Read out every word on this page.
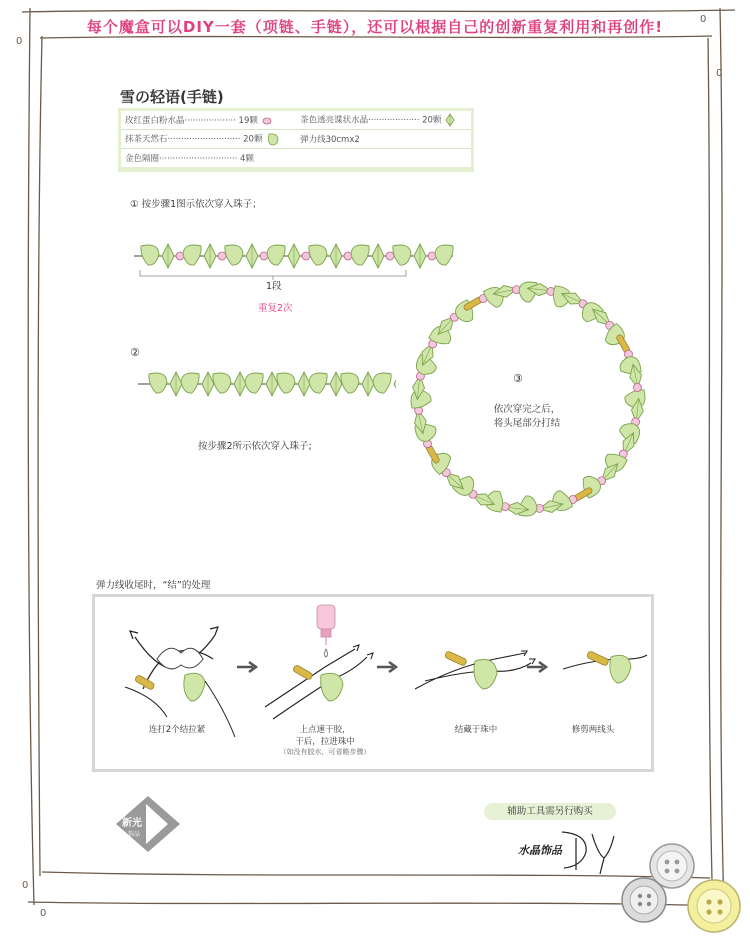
0
0
0
0
0
每个魔盒可以DIY一套（项链、手链），还可以根据自己的创新重复利用和再创作!
雪の轻语(手链)
玫红蛋白粉水晶··················· 19颗	茶色透亮谍状水晶··················· 20颗
抹茶天然石··························· 20颗	弹力线30cmx2
金色隔圈····························· 4颗	
① 按步骤1图示依次穿入珠子；
1段
重复2次
②
按步骤2所示依次穿入珠子;
③
依次穿完之后，
将头尾部分打结
弹力线收尾时，“结”的处理
连打2个结拉紧	上点速干胶，
干后，拉进珠中
（如没有胶水，可省略步骤）
结藏于珠中	修剪两线头
新光
饰品
辅助工具需另行购买
水晶饰品
